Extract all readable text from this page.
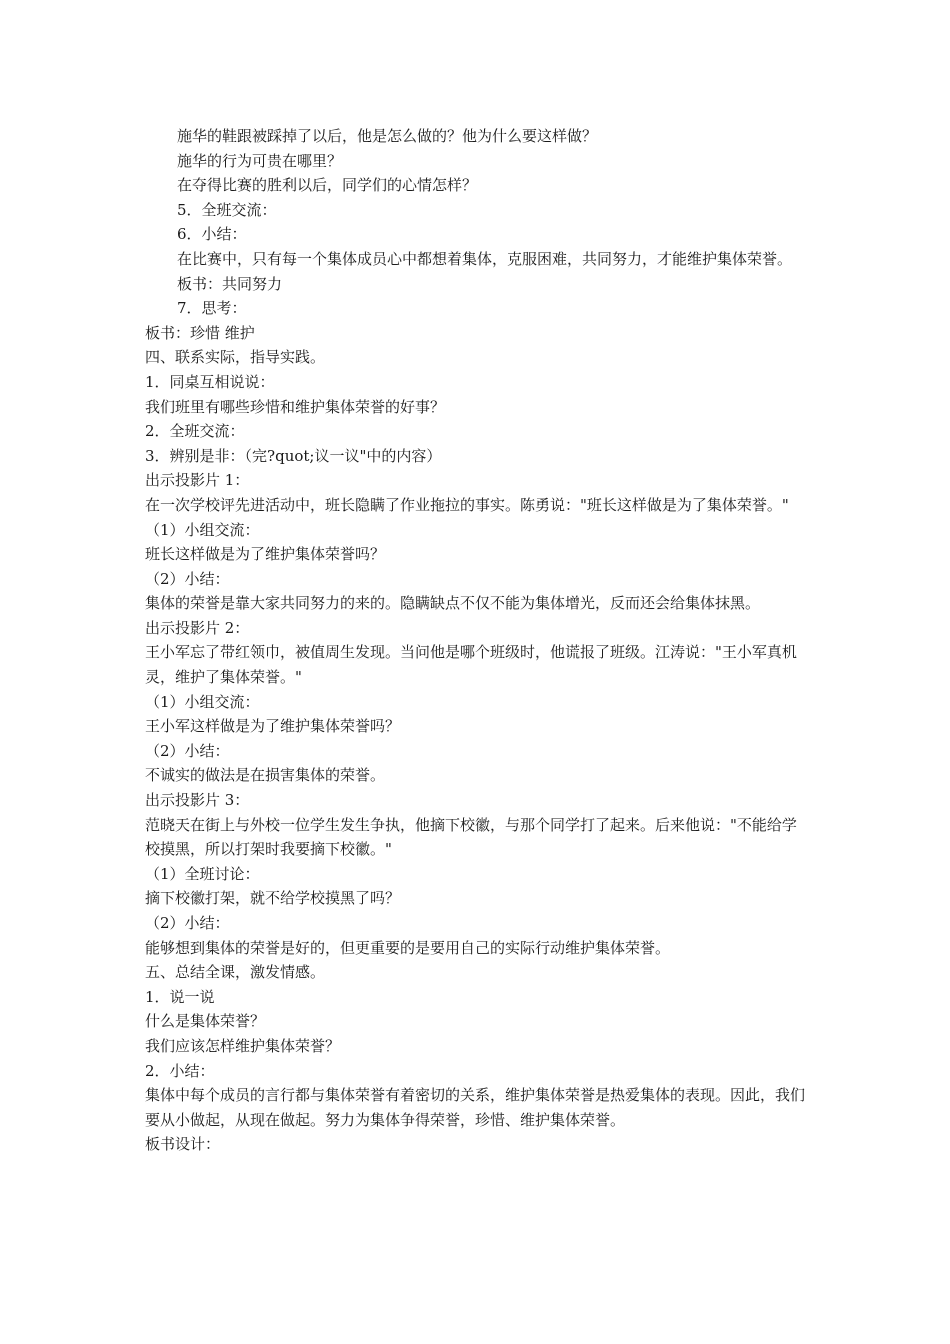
施华的鞋跟被踩掉了以后，他是怎么做的？他为什么要这样做？

施华的行为可贵在哪里？

在夺得比赛的胜利以后，同学们的心情怎样？

5．全班交流：

6．小结：

在比赛中，只有每一个集体成员心中都想着集体，克服困难，共同努力，才能维护集体荣誉。

板书：共同努力

7．思考：

板书：珍惜 维护

四、联系实际，指导实践。

1．同桌互相说说：

我们班里有哪些珍惜和维护集体荣誉的好事？

2．全班交流：

3．辨别是非：（完?quot;议一议"中的内容）

出示投影片 1：

在一次学校评先进活动中，班长隐瞒了作业拖拉的事实。陈勇说："班长这样做是为了集体荣誉。"

（1）小组交流：

班长这样做是为了维护集体荣誉吗？

（2）小结：

集体的荣誉是靠大家共同努力的来的。隐瞒缺点不仅不能为集体增光，反而还会给集体抹黑。

出示投影片 2：

王小军忘了带红领巾，被值周生发现。当问他是哪个班级时，他谎报了班级。江涛说："王小军真机灵，维护了集体荣誉。"

（1）小组交流：

王小军这样做是为了维护集体荣誉吗？

（2）小结：

不诚实的做法是在损害集体的荣誉。

出示投影片 3：

范晓天在街上与外校一位学生发生争执，他摘下校徽，与那个同学打了起来。后来他说："不能给学校摸黑，所以打架时我要摘下校徽。"

（1）全班讨论：

摘下校徽打架，就不给学校摸黑了吗？

（2）小结：

能够想到集体的荣誉是好的，但更重要的是要用自己的实际行动维护集体荣誉。

五、总结全课，激发情感。

1．说一说

什么是集体荣誉？

我们应该怎样维护集体荣誉？

2．小结：

集体中每个成员的言行都与集体荣誉有着密切的关系，维护集体荣誉是热爱集体的表现。因此，我们要从小做起，从现在做起。努力为集体争得荣誉，珍惜、维护集体荣誉。

板书设计：
